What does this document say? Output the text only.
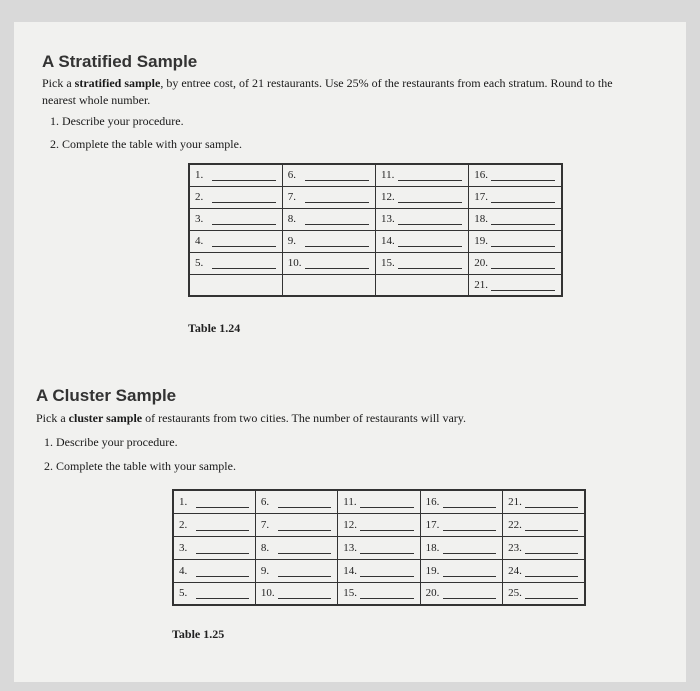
A Stratified Sample
Pick a stratified sample, by entree cost, of 21 restaurants. Use 25% of the restaurants from each stratum. Round to the
nearest whole number.
1. Describe your procedure.
2. Complete the table with your sample.
1.	6.	11.	16.

2.	7.	12.	17.

3.	8.	13.	18.

4.	9.	14.	19.

5.	10.	15.	20.

			21.
Table 1.24
A Cluster Sample
Pick a cluster sample of restaurants from two cities. The number of restaurants will vary.
1. Describe your procedure.
2. Complete the table with your sample.
1.	6.	11.	16.	21.

2.	7.	12.	17.	22.

3.	8.	13.	18.	23.

4.	9.	14.	19.	24.

5.	10.	15.	20.	25.
Table 1.25
